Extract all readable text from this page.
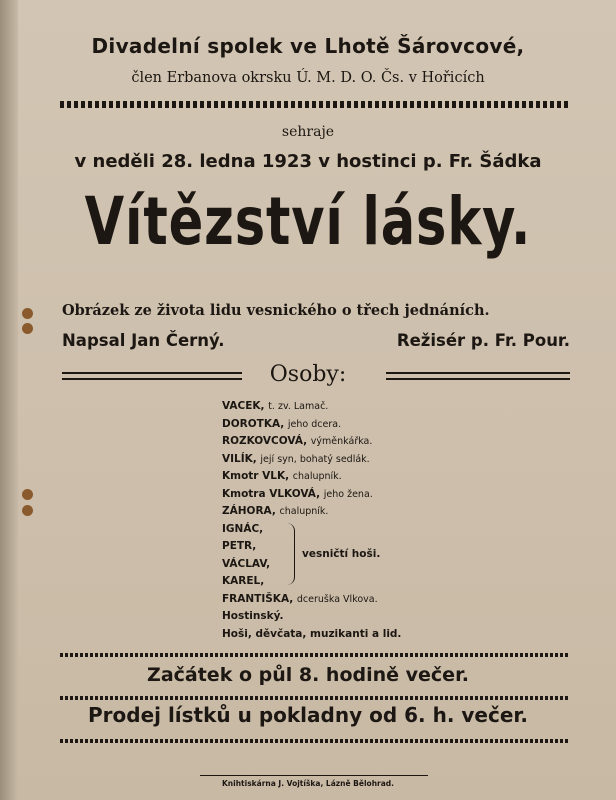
Divadelní spolek ve Lhotě Šárovcové,
člen Erbanova okrsku Ú. M. D. O. Čs. v Hořicích
sehraje
v neděli 28. ledna 1923 v hostinci p. Fr. Šádka
Vítězství lásky.
Obrázek ze života lidu vesnického o třech jednáních.
Napsal Jan Černý.	Režisér p. Fr. Pour.
Osoby:
VACEK, t. zv. Lamač.
DOROTKA, jeho dcera.
ROZKOVCOVÁ, výměnkářka.
VILÍK, její syn, bohatý sedlák.
Kmotr VLK, chalupník.
Kmotra VLKOVÁ, jeho žena.
ZÁHORA, chalupník.
IGNÁC,
PETR,
VÁCLAV,
KAREL,
FRANTIŠKA, dceruška Vlkova.
Hostinský.
Hoši, děvčata, muzikanti a lid.
vesničtí hoši.
Začátek o půl 8. hodině večer.
Prodej lístků u pokladny od 6. h. večer.
Knihtiskárna J. Vojtíška, Lázně Bělohrad.
